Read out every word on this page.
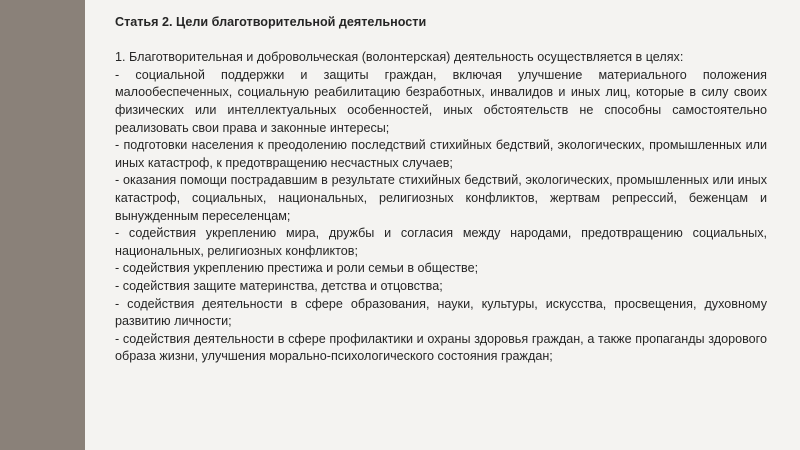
Статья 2. Цели благотворительной деятельности

1. Благотворительная и добровольческая (волонтерская) деятельность осуществляется в целях:

- социальной поддержки и защиты граждан, включая улучшение материального положения малообеспеченных, социальную реабилитацию безработных, инвалидов и иных лиц, которые в силу своих физических или интеллектуальных особенностей, иных обстоятельств не способны самостоятельно реализовать свои права и законные интересы;

- подготовки населения к преодолению последствий стихийных бедствий, экологических, промышленных или иных катастроф, к предотвращению несчастных случаев;

- оказания помощи пострадавшим в результате стихийных бедствий, экологических, промышленных или иных катастроф, социальных, национальных, религиозных конфликтов, жертвам репрессий, беженцам и вынужденным переселенцам;

- содействия укреплению мира, дружбы и согласия между народами, предотвращению социальных, национальных, религиозных конфликтов;

- содействия укреплению престижа и роли семьи в обществе;

- содействия защите материнства, детства и отцовства;

- содействия деятельности в сфере образования, науки, культуры, искусства, просвещения, духовному развитию личности;

- содействия деятельности в сфере профилактики и охраны здоровья граждан, а также пропаганды здорового образа жизни, улучшения морально-психологического состояния граждан;
